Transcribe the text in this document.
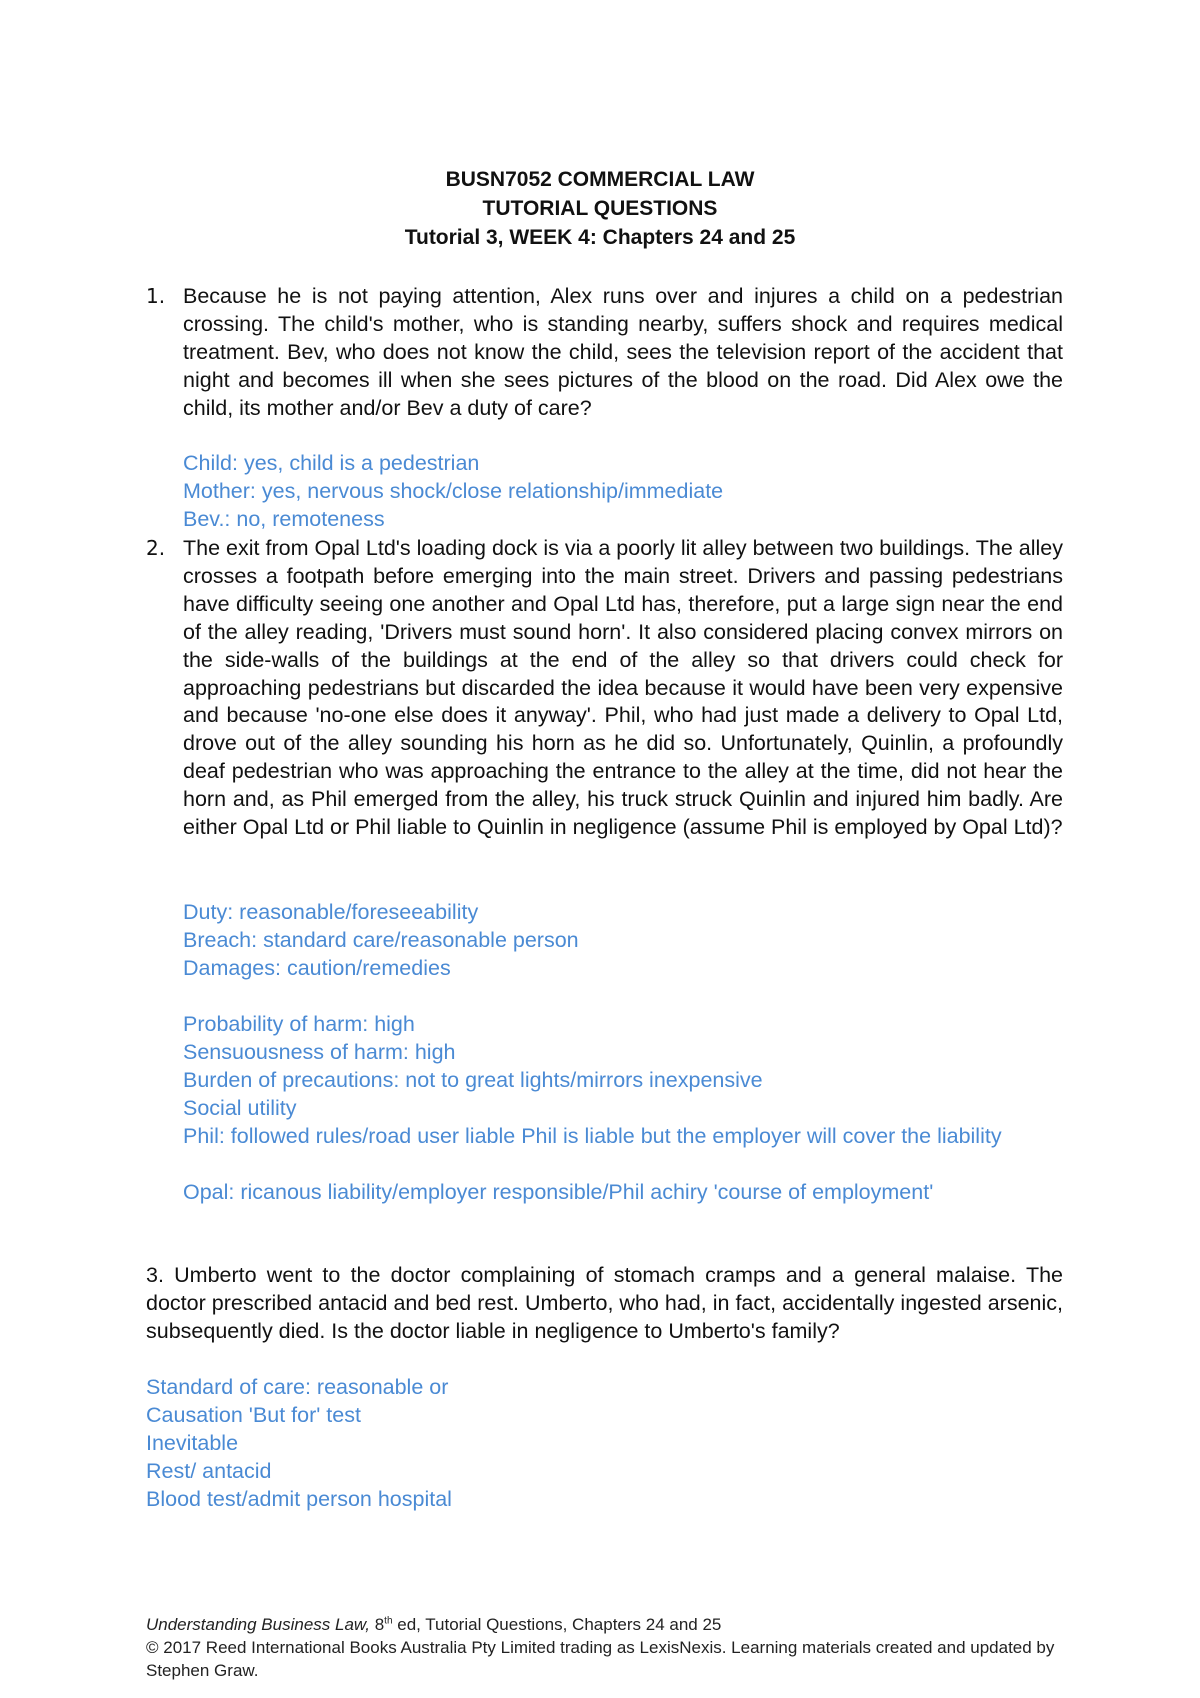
BUSN7052 COMMERCIAL LAW
TUTORIAL QUESTIONS
Tutorial 3, WEEK 4: Chapters 24 and 25
1. Because he is not paying attention, Alex runs over and injures a child on a pedestrian crossing. The child's mother, who is standing nearby, suffers shock and requires medical treatment. Bev, who does not know the child, sees the television report of the accident that night and becomes ill when she sees pictures of the blood on the road. Did Alex owe the child, its mother and/or Bev a duty of care?
Child: yes, child is a pedestrian
Mother: yes, nervous shock/close relationship/immediate
Bev.: no, remoteness
2. The exit from Opal Ltd's loading dock is via a poorly lit alley between two buildings. The alley crosses a footpath before emerging into the main street. Drivers and passing pedestrians have difficulty seeing one another and Opal Ltd has, therefore, put a large sign near the end of the alley reading, 'Drivers must sound horn'. It also considered placing convex mirrors on the side-walls of the buildings at the end of the alley so that drivers could check for approaching pedestrians but discarded the idea because it would have been very expensive and because 'no-one else does it anyway'. Phil, who had just made a delivery to Opal Ltd, drove out of the alley sounding his horn as he did so. Unfortunately, Quinlin, a profoundly deaf pedestrian who was approaching the entrance to the alley at the time, did not hear the horn and, as Phil emerged from the alley, his truck struck Quinlin and injured him badly. Are either Opal Ltd or Phil liable to Quinlin in negligence (assume Phil is employed by Opal Ltd)?
Duty: reasonable/foreseeability
Breach: standard care/reasonable person
Damages: caution/remedies
Probability of harm: high
Sensuousness of harm: high
Burden of precautions: not to great lights/mirrors inexpensive
Social utility
Phil: followed rules/road user liable Phil is liable but the employer will cover the liability
Opal: ricanous liability/employer responsible/Phil achiry 'course of employment'
3. Umberto went to the doctor complaining of stomach cramps and a general malaise. The doctor prescribed antacid and bed rest. Umberto, who had, in fact, accidentally ingested arsenic, subsequently died. Is the doctor liable in negligence to Umberto's family?
Standard of care: reasonable or
Causation 'But for' test
Inevitable
Rest/ antacid
Blood test/admit person hospital
Understanding Business Law, 8th ed, Tutorial Questions, Chapters 24 and 25
© 2017 Reed International Books Australia Pty Limited trading as LexisNexis. Learning materials created and updated by Stephen Graw.
